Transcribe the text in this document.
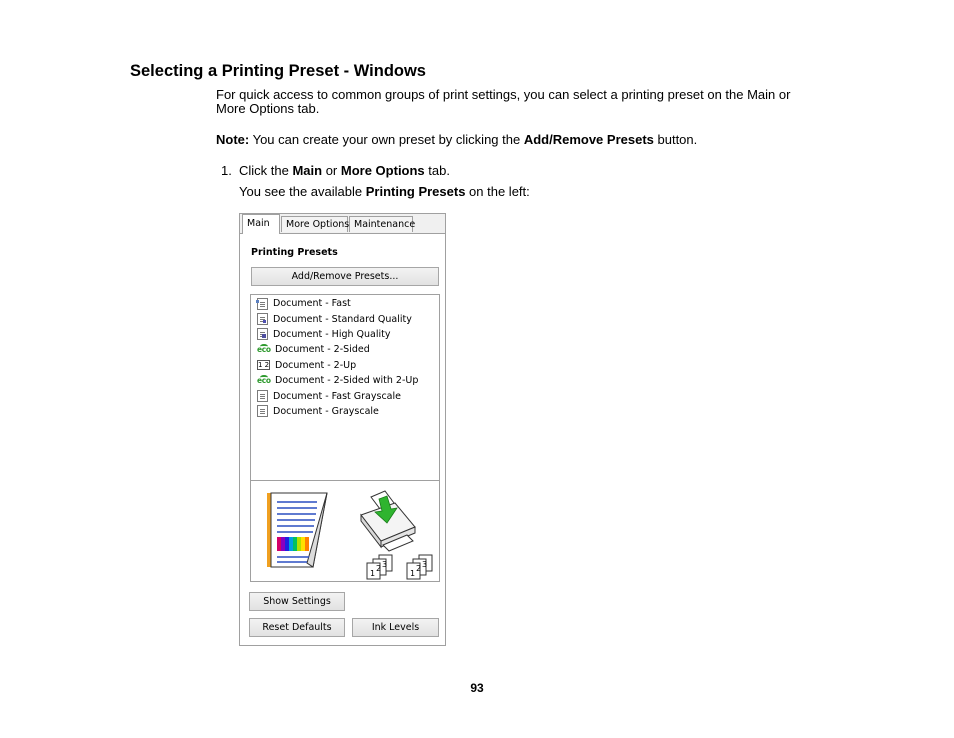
Selecting a Printing Preset - Windows
For quick access to common groups of print settings, you can select a printing preset on the Main or
More Options tab.
Note: You can create your own preset by clicking the Add/Remove Presets button.
1. Click the Main or More Options tab.
You see the available Printing Presets on the left:
Main	More Options Maintenance
Printing Presets
Add/Remove Presets...
Document - Fast
Document - Standard Quality
Document - High Quality
eco Document - 2-Sided
1 2 Document - 2-Up
eco Document - 2-Sided with 2-Up
Document - Fast Grayscale
Document - Grayscale
3
2
1
3
2
1
Show Settings
Reset Defaults	Ink Levels
93
